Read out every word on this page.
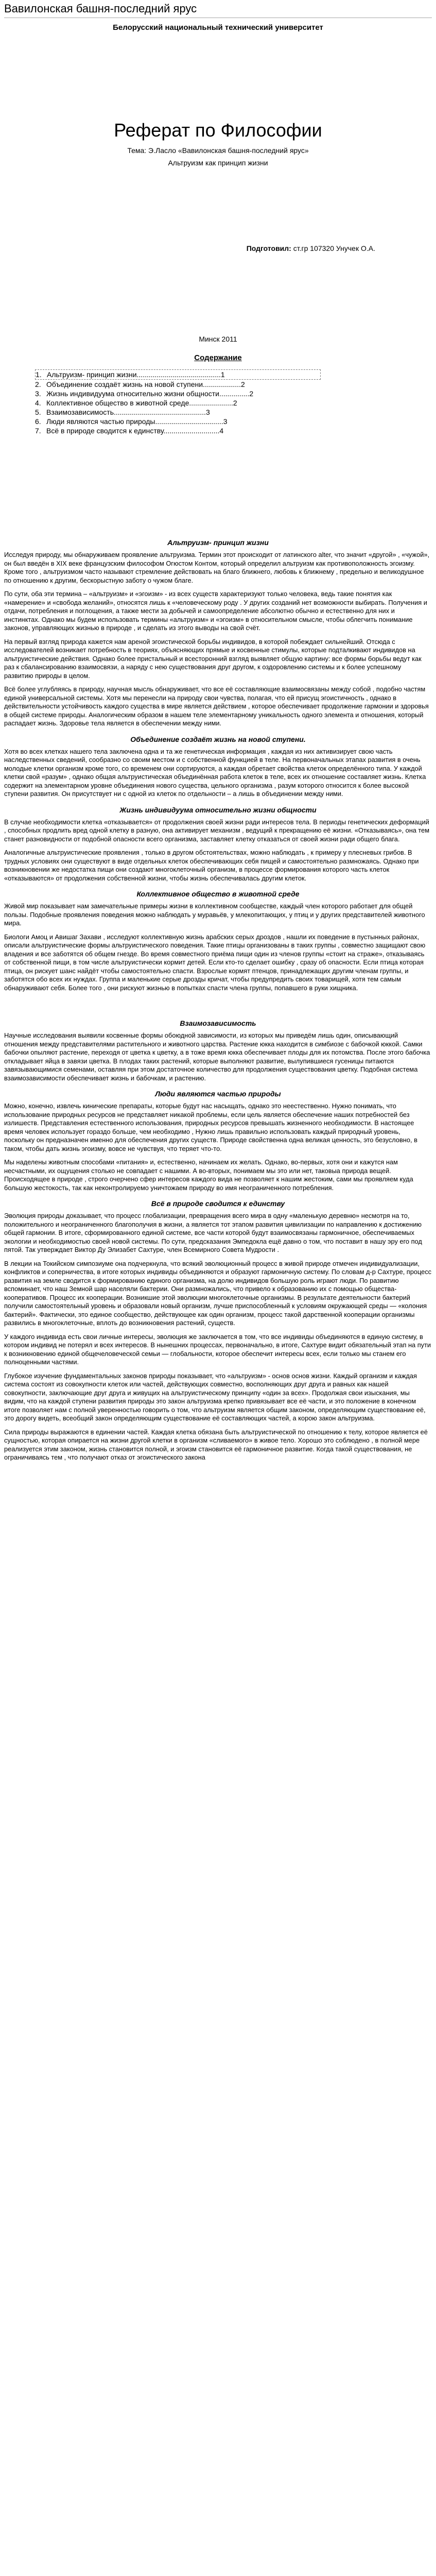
Вавилонская башня-последний ярус

Белорусский национальный технический университет

Реферат по Философии

Тема: Э.Ласло «Вавилонская башня-последний ярус»

Альтруизм как принцип жизни

Подготовил: ст.гр 107320 Унучек О.А.

Минск 2011

Содержание

1. Альтруизм- принцип жизни..........................................1
2. Объединение создаёт жизнь на новой ступени...................2
3. Жизнь индивидуума относительно жизни общности...............2
4. Коллективное общество в животной среде......................2
5. Взаимозависимость..............................................3
6. Люди являются частью природы..................................3
7. Всё в природе сводится к единству............................4

Альтруизм- принцип жизни

Исследуя природу, мы обнаруживаем проявление альтруизма. Термин этот происходит от латинского alter, что значит «другой» , «чужой», он был введён в XIX веке французским философом Огюстом Контом, который определил альтруизм как противоположность эгоизму. Кроме того , альтруизмом часто называют стремление действовать на благо ближнего, любовь к ближнему , предельно и великодушное по отношению к другим, бескорыстную заботу о чужом благе.

По сути, оба эти термина – «альтруизм» и «эгоизм» - из всех существ характеризуют только человека, ведь такие понятия как «намерение» и «свобода желаний», относятся лишь к «человеческому роду . У других созданий нет возможности выбирать. Получения и отдачи, потребления и поглощения, а также мести за добычей и самоопределение абсолютно обычно и естественно для них и инстинктах. Однако мы будем использовать термины «альтруизм» и «эгоизм» в относительном смысле, чтобы облегчить понимание законов, управляющих жизнью в природе , и сделать из этого выводы на свой счёт.

На первый взгляд природа кажется нам ареной эгоистической борьбы индивидов, в которой побеждает сильнейший. Отсюда с исследователей возникает потребность в теориях, объясняющих прямые и косвенные стимулы, которые подталкивают индивидов на альтруистические действия. Однако более пристальный и всесторонний взгляд выявляет общую картину: все формы борьбы ведут как раз к сбалансированию взаимосвязи, а наряду с нею существования друг другом, к оздоровлению системы и к более успешному развитию природы в целом.

Всё более углубляясь в природу, научная мысль обнаруживает, что все её составляющие взаимосвязаны между собой , подобно частям единой универсальной системы. Хотя мы перенесли на природу свои чувства, полагая, что ей присущ эгоистичность , однако в действительности устойчивость каждого существа в мире является действием , которое обеспечивает продолжение гармонии и здоровья в общей системе природы. Аналогическим образом в нашем теле элементарному уникальность одного элемента и отношения, который распадает жизнь. Здоровье тела является в обеспечении между ними.

Объединение создаёт жизнь на новой ступени.

Хотя во всех клетках нашего тела заключена одна и та же генетическая информация , каждая из них активизирует свою часть наследственных сведений, сообразно со своим местом и с собственной функцией в теле. На первоначальных этапах развития в очень молодые клетки организм кроме того, со временем они сортируются, а каждая обретает свойства клеток определённого типа. У каждой клетки свой «разум» , однако общая альтруистическая объединённая работа клеток в теле, всех их отношение составляет жизнь. Клетка содержит на элементарном уровне объединения нового существа, цельного организма , разум которого относится к более высокой ступени развития. Он присутствует ни с одной из клеток по отдельности – а лишь в объединении между ними.

Жизнь индивидуума относительно жизни общности

В случае необходимости клетка «отказывается» от продолжения своей жизни ради интересов тела. В периоды генетических деформаций , способных продлить вред одной клетку в разную, она активирует механизм , ведущий к прекращению её жизни. «Отказываясь», она тем станет разновидности от подобной опасности всего организма, заставляет клетку отказаться от своей жизни ради общего блага.

Аналогичные альтруистические проявления , только в другом обстоятельствах, можно наблюдать , к примеру у плесневых грибов. В трудных условиях они существуют в виде отдельных клеток обеспечивающих себя пищей и самостоятельно размножаясь. Однако при возникновении же недостатка пищи они создают многоклеточный организм, в процессе формирования которого часть клеток «отказываются» от продолжения собственной жизни, чтобы жизнь обеспечивалась другим клеток.

Коллективное общество в животной среде

Живой мир показывает нам замечательные примеры жизни в коллективном сообществе, каждый член которого работает для общей пользы. Подобные проявления поведения можно наблюдать у муравьёв, у млекопитающих, у птиц и у других представителей животного мира.

Биологи Амоц и Авишаг Захави , исследуют коллективную жизнь арабских серых дроздов , нашли их поведение в пустынных районах, описали альтруистические формы альтруистического поведения. Такие птицы организованы в таких группы , совместно защищают свою владения и все заботятся об общем гнезде. Во время совместного приёма пищи один из членов группы «стоит на страже», отказываясь от собственной пищи, в том числе альтруистически кормит детей. Если кто-то сделает ошибку , сразу об опасности. Если птица которая птица, он рискует шанс найдёт чтобы самостоятельно спасти. Взрослые кормят птенцов, принадлежащих другим членам группы, и заботятся обо всех их нуждах. Группа и маленькие серые дрозды кричат, чтобы предупредить своих товарищей, хотя тем самым обнаруживают себя. Более того , они рискуют жизнью в попытках спасти члена группы, попавшего в руки хищника.

Взаимозависимость

Научные исследования выявили косвенные формы обоюдной зависимости, из которых мы приведём лишь один, описывающий отношения между представителями растительного и животного царства. Растение юкка находится в симбиозе с бабочкой юккой. Самки бабочки опыляют растение, переходя от цветка к цветку, а в тоже время юкка обеспечивает плоды для их потомства. После этого бабочка откладывает яйца в завязи цветка. В плодах таких растений, которые выполняют развитие, вылупившиеся гусеницы питаются завязывающимися семенами, оставляя при этом достаточное количество для продолжения существования цветку. Подобная система взаимозависимости обеспечивает жизнь и бабочкам, и растению.

Люди являются частью природы

Можно, конечно, извлечь кинические препараты, которые будут нас насыщать, однако это неестественно. Нужно понимать, что использование природных ресурсов не представляет никакой проблемы, если цель является обеспечение наших потребностей без излишеств. Представления естественного использования, природных ресурсов превышать жизненного необходимости. В настоящее время человек использует гораздо больше, чем необходимо , Нужно лишь правильно использовать каждый природный уровень, поскольку он предназначен именно для обеспечения других существ. Природе свойственна одна великая ценность, это безусловно, в таком, чтобы дать жизнь эгоизму, вовсе не чувствуя, что теряет что-то.

Мы наделены животным способами «питания» и, естественно, начинаем их желать. Однако, во-первых, хотя они и кажутся нам несчастными, их ощущения столько не совпадает с нашими. А во-вторых, понимаем мы это или нет, таковыа природа вещей. Происходящее в природе , строго очерчено сфер интересов каждого вида не позволяет к нашим жестоким, сами мы проявляем куда большую жестокость, так как неконтролируемо уничтожаем природу во имя неограниченного потребления.

Всё в природе сводится к единству

Эволюция природы доказывает, что процесс глобализации, превращения всего мира в одну «маленькую деревню» несмотря на то, положительного и неограниченного благополучия в жизни, а является тот этапом развития цивилизации по направлению к достижению общей гармонии. В итоге, сформированного единой системе, все части которой будут взаимосвязаны гармоничное, обеспечиваемых экологии и необходимостью своей новой системы. По сути, предсказания Эмпедокла ещё давно о том, что поставит в нашу эру его под пятой. Так утверждает Виктор Ду Элизабет Сахтуре, член Всемирного Совета Мудрости .

В лекции на Токийском симпозиуме она подчеркнула, что всякий эволюционный процесс в живой природе отмечен индивидуализации, конфликтов и соперничества, в итоге которых индивиды объединяются и образуют гармоничную систему. По словам д-р Сахтуре, процесс развития на земле сводится к формированию единого организма, на долю индивидов большую роль играют люди. По развитию вспоминает, что наш Земной шар населяли бактерии. Они размножались, что привело к образованию их с помощью общества-кооперативов. Процесс их кооперации. Возникшие этой эволюции многоклеточные организмы. В результате деятельности бактерий получили самостоятельный уровень и образовали новый организм, лучше приспособленный к условиям окружающей среды — «колония бактерий». Фактически, это единое сообщество, действующее как один организм, процесс такой дарственной кооперации организмы развились в многоклеточные, вплоть до возникновения растений, существ.

У каждого индивида есть свои личные интересы, эволюция же заключается в том, что все индивиды объединяются в единую систему, в котором индивид не потерял и всех интересов. В нынешних процессах, первоначально, в итоге, Сахтуре видит обязательный этап на пути к возникновению единой общечеловеческой семьи — глобальности, которое обеспечит интересы всех, если только мы станем его полноценными частями.

Глубокое изучение фундаментальных законов природы показывает, что «альтруизм» - основ основ жизни. Каждый организм и каждая система состоят из совокупности клеток или частей, действующих совместно, восполняющих друг друга и равных как нашей совокупности, заключающие друг друга и живущих на альтруистическому принципу «один за всех». Продолжая свои изыскания, мы видим, что на каждой ступени развития природы это закон альтруизма крепко привязывает все её части, и это положение в конечном итоге позволяет нам с полной уверенностью говорить о том, что альтруизм является общим законом, определяющим существование её, это дорогу видеть, всеобщий закон определяющим существование её составляющих частей, а корою закон альтруизма.

Сила природы выражаются в единении частей. Каждая клетка обязана быть альтруистической по отношению к телу, которое является её сущностью, которая опирается на жизни другой клетки в организм «сливаемого» в живое тело. Хорошо это соблюдено , в полной мере реализуется этим законом, жизнь становится полной, и эгоизм становится её гармоничное развитие. Когда такой существования, не ограничиваясь тем , что получают отказ от эгоистического закона
